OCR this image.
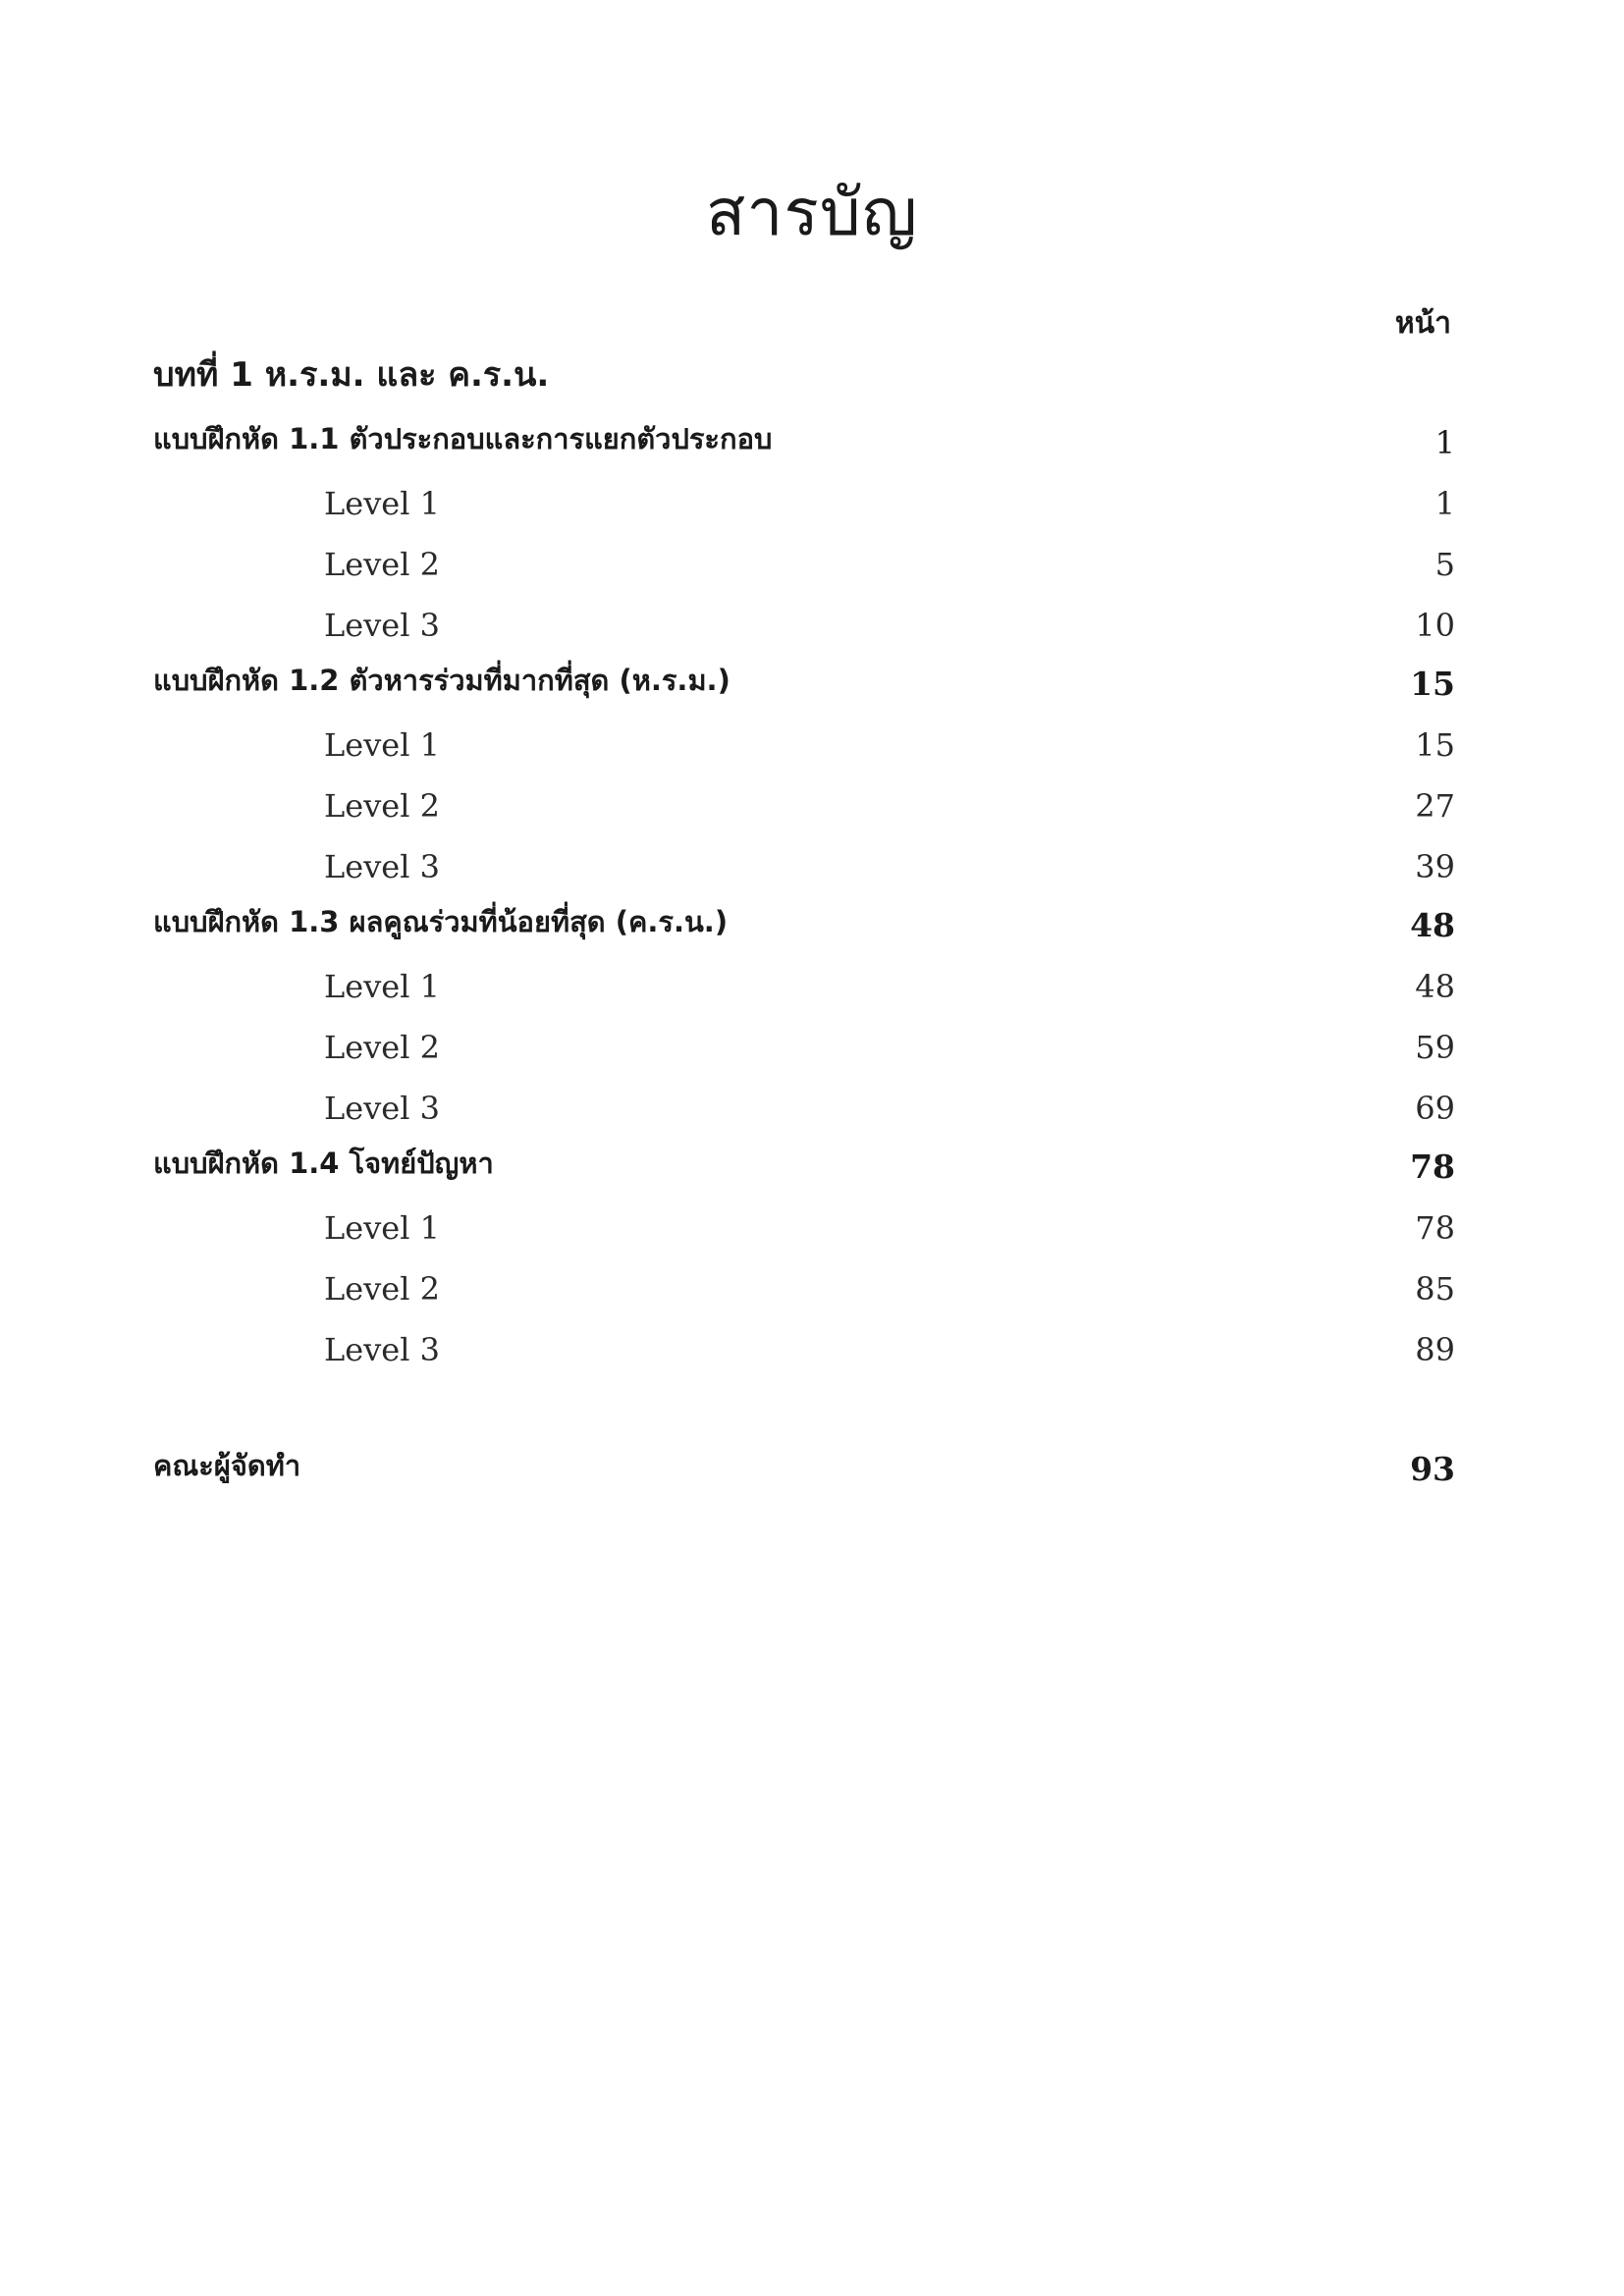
สารบัญ
หน้า
บทที่ 1 ห.ร.ม. และ ค.ร.น.
แบบฝึกหัด 1.1 ตัวประกอบและการแยกตัวประกอบ	1
Level 1	1
Level 2	5
Level 3	10
แบบฝึกหัด 1.2 ตัวหารร่วมที่มากที่สุด (ห.ร.ม.)	15
Level 1	15
Level 2	27
Level 3	39
แบบฝึกหัด 1.3 ผลคูณร่วมที่น้อยที่สุด (ค.ร.น.)	48
Level 1	48
Level 2	59
Level 3	69
แบบฝึกหัด 1.4 โจทย์ปัญหา	78
Level 1	78
Level 2	85
Level 3	89
คณะผู้จัดทำ	93
